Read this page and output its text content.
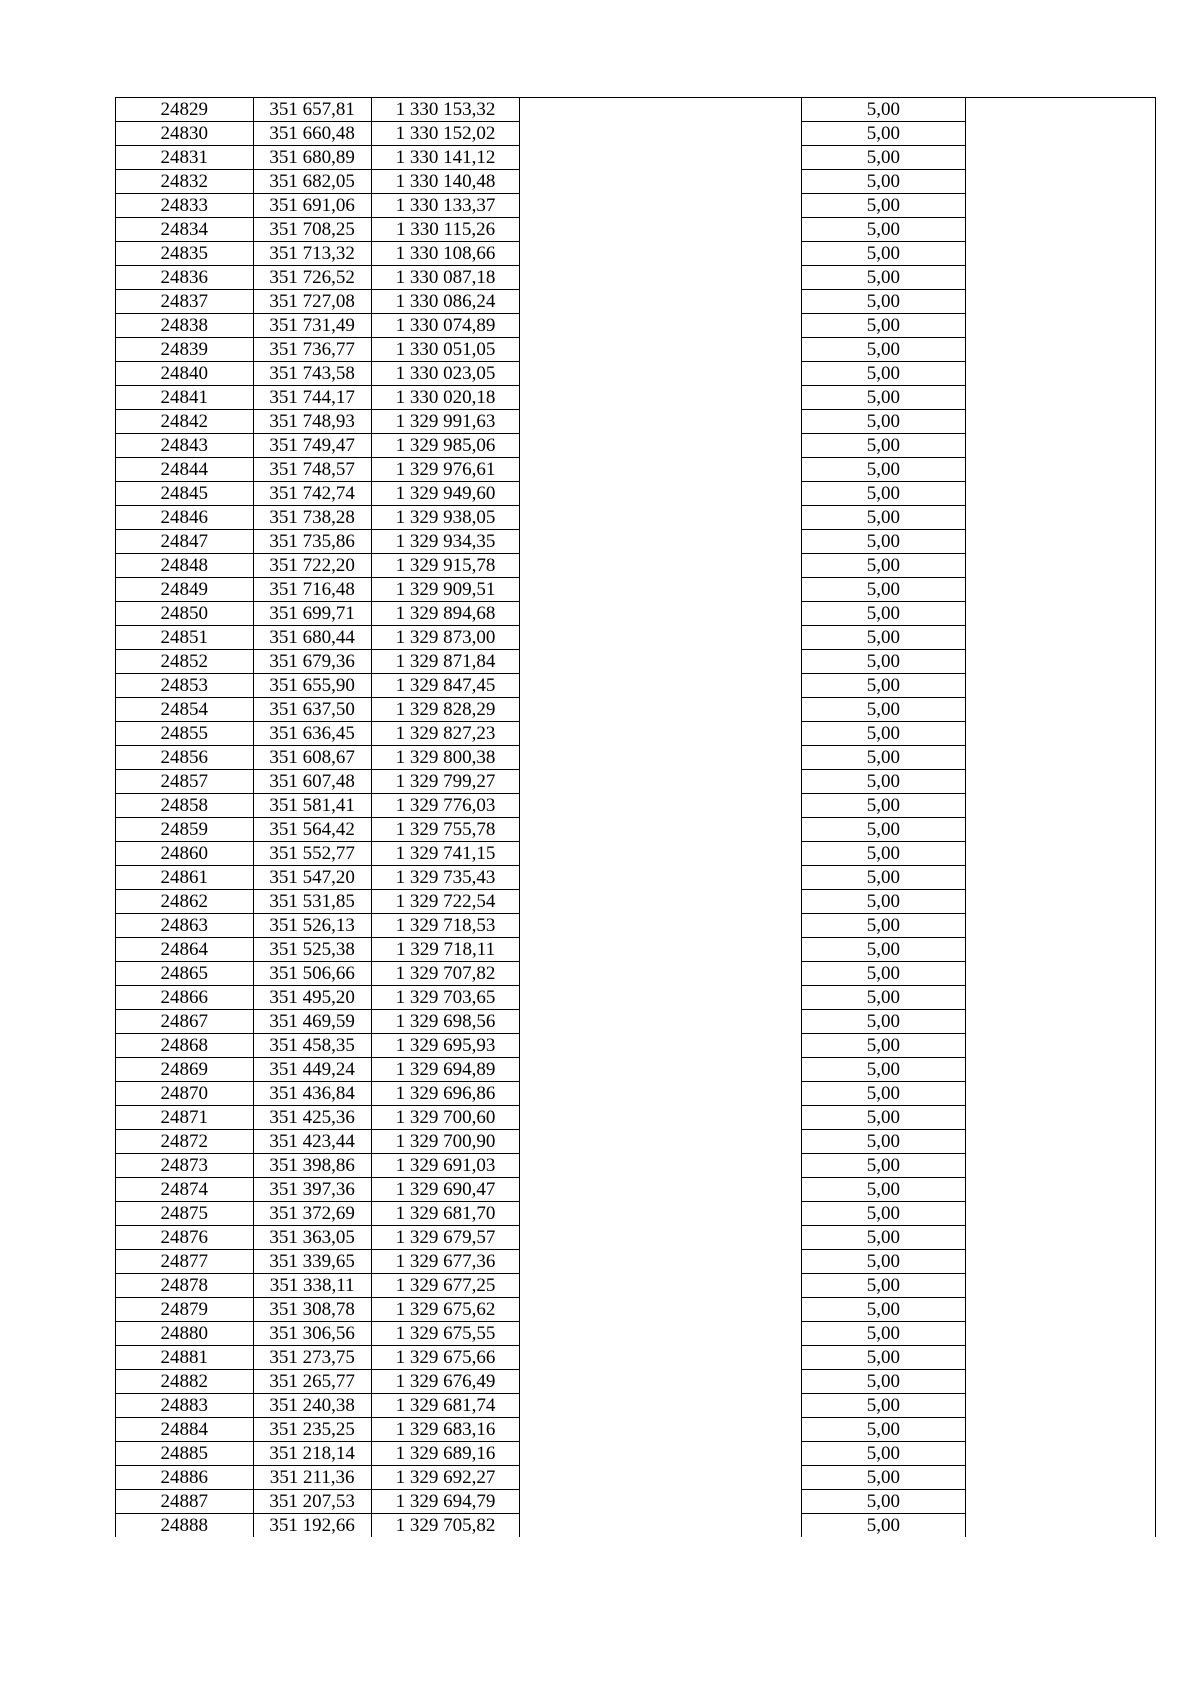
24829	351 657,81	1 330 153,32		5,00	
24830	351 660,48	1 330 152,02		5,00	
24831	351 680,89	1 330 141,12		5,00	
24832	351 682,05	1 330 140,48		5,00	
24833	351 691,06	1 330 133,37		5,00	
24834	351 708,25	1 330 115,26		5,00	
24835	351 713,32	1 330 108,66		5,00	
24836	351 726,52	1 330 087,18		5,00	
24837	351 727,08	1 330 086,24		5,00	
24838	351 731,49	1 330 074,89		5,00	
24839	351 736,77	1 330 051,05		5,00	
24840	351 743,58	1 330 023,05		5,00	
24841	351 744,17	1 330 020,18		5,00	
24842	351 748,93	1 329 991,63		5,00	
24843	351 749,47	1 329 985,06		5,00	
24844	351 748,57	1 329 976,61		5,00	
24845	351 742,74	1 329 949,60		5,00	
24846	351 738,28	1 329 938,05		5,00	
24847	351 735,86	1 329 934,35		5,00	
24848	351 722,20	1 329 915,78		5,00	
24849	351 716,48	1 329 909,51		5,00	
24850	351 699,71	1 329 894,68		5,00	
24851	351 680,44	1 329 873,00		5,00	
24852	351 679,36	1 329 871,84		5,00	
24853	351 655,90	1 329 847,45		5,00	
24854	351 637,50	1 329 828,29		5,00	
24855	351 636,45	1 329 827,23		5,00	
24856	351 608,67	1 329 800,38		5,00	
24857	351 607,48	1 329 799,27		5,00	
24858	351 581,41	1 329 776,03		5,00	
24859	351 564,42	1 329 755,78		5,00	
24860	351 552,77	1 329 741,15		5,00	
24861	351 547,20	1 329 735,43		5,00	
24862	351 531,85	1 329 722,54		5,00	
24863	351 526,13	1 329 718,53		5,00	
24864	351 525,38	1 329 718,11		5,00	
24865	351 506,66	1 329 707,82		5,00	
24866	351 495,20	1 329 703,65		5,00	
24867	351 469,59	1 329 698,56		5,00	
24868	351 458,35	1 329 695,93		5,00	
24869	351 449,24	1 329 694,89		5,00	
24870	351 436,84	1 329 696,86		5,00	
24871	351 425,36	1 329 700,60		5,00	
24872	351 423,44	1 329 700,90		5,00	
24873	351 398,86	1 329 691,03		5,00	
24874	351 397,36	1 329 690,47		5,00	
24875	351 372,69	1 329 681,70		5,00	
24876	351 363,05	1 329 679,57		5,00	
24877	351 339,65	1 329 677,36		5,00	
24878	351 338,11	1 329 677,25		5,00	
24879	351 308,78	1 329 675,62		5,00	
24880	351 306,56	1 329 675,55		5,00	
24881	351 273,75	1 329 675,66		5,00	
24882	351 265,77	1 329 676,49		5,00	
24883	351 240,38	1 329 681,74		5,00	
24884	351 235,25	1 329 683,16		5,00	
24885	351 218,14	1 329 689,16		5,00	
24886	351 211,36	1 329 692,27		5,00	
24887	351 207,53	1 329 694,79		5,00	
24888	351 192,66	1 329 705,82		5,00	
